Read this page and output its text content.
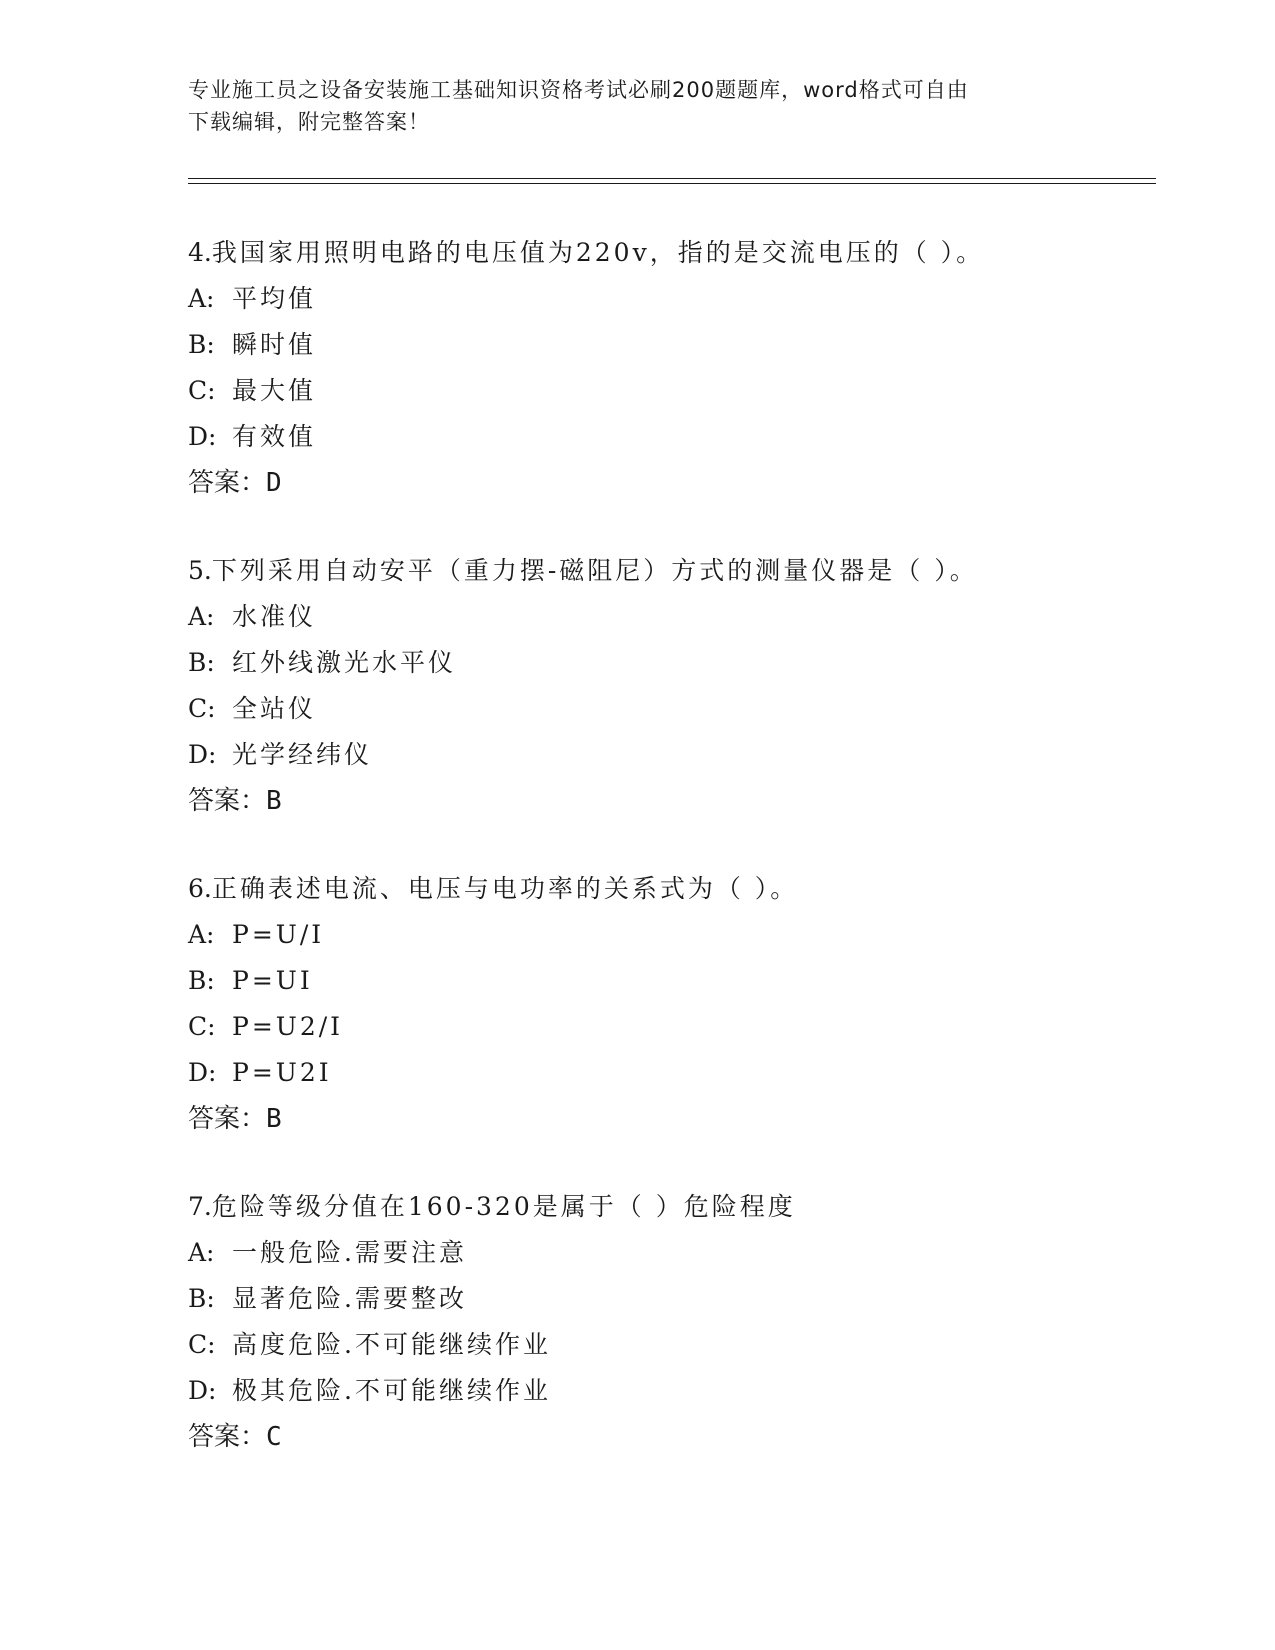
专业施工员之设备安装施工基础知识资格考试必刷200题题库，word格式可自由
下载编辑，附完整答案！
4. 我国家用照明电路的电压值为220v，指的是交流电压的（ ）。
A: 平均值
B: 瞬时值
C: 最大值
D: 有效值
答案： D
5. 下列采用自动安平（重力摆-磁阻尼）方式的测量仪器是（ ）。
A: 水准仪
B: 红外线激光水平仪
C: 全站仪
D: 光学经纬仪
答案： B
6. 正确表述电流、电压与电功率的关系式为（ ）。
A: P=U/I
B: P=UI
C: P=U2/I
D: P=U2I
答案： B
7. 危险等级分值在160-320是属于（ ）危险程度
A: 一般危险.需要注意
B: 显著危险.需要整改
C: 高度危险.不可能继续作业
D: 极其危险.不可能继续作业
答案： C
